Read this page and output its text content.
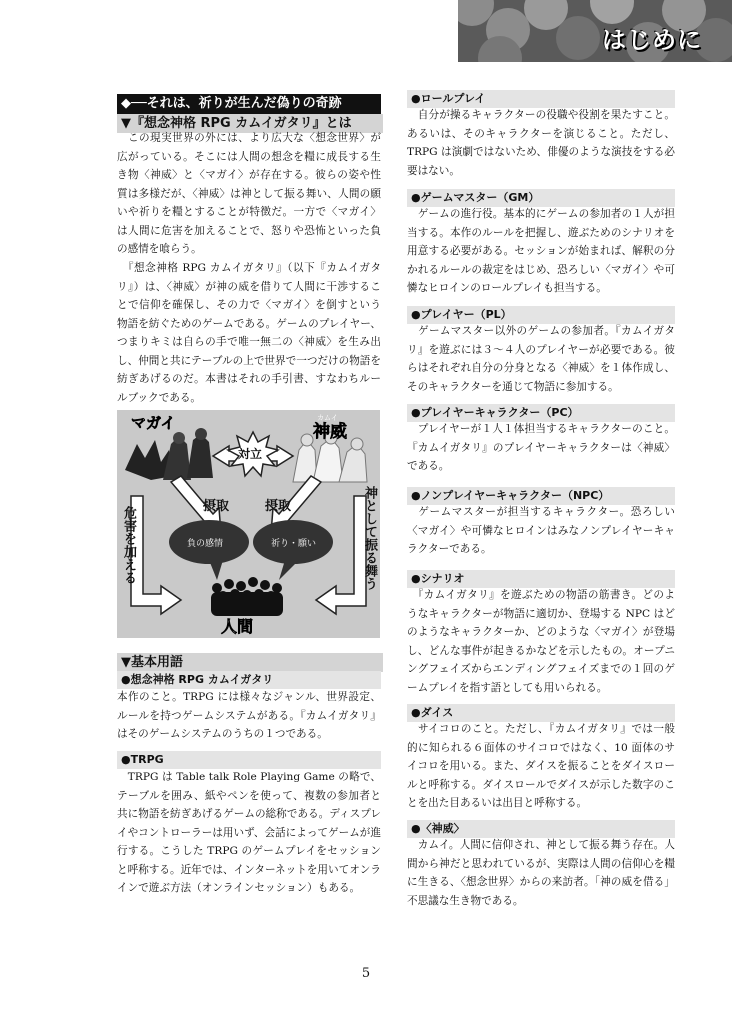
はじめに
◆──それは、祈りが生んだ偽りの奇跡
▼『想念神格 RPG カムイガタリ』とは

　この現実世界の外には、より広大な〈想念世界〉が広がっている。そこには人間の想念を糧に成長する生き物〈神威〉と〈マガイ〉が存在する。彼らの姿や性質は多様だが、〈神威〉は神として振る舞い、人間の願いや祈りを糧とすることが特徴だ。一方で〈マガイ〉は人間に危害を加えることで、怒りや恐怖といった負の感情を喰らう。

　『想念神格 RPG カムイガタリ』（以下『カムイガタリ』）は、〈神威〉が神の威を借りて人間に干渉することで信仰を確保し、その力で〈マガイ〉を倒すという物語を紡ぐためのゲームである。ゲームのプレイヤー、つまりキミは自らの手で唯一無二の〈神威〉を生み出し、仲間と共にテーブルの上で世界で一つだけの物語を紡ぎあげるのだ。本書はそれの手引書、すなわちルールブックである。

マガイ	カムイ
神威
対立
摂取	摂取
負の感情	祈り・願い
人間
危害を加える	神として振る舞う
▼基本用語
●想念神格 RPG カムイガタリ

本作のこと。TRPG には様々なジャンル、世界設定、ルールを持つゲームシステムがある。『カムイガタリ』はそのゲームシステムのうちの１つである。

●TRPG

　TRPG は Table talk Role Playing Game の略で、テーブルを囲み、紙やペンを使って、複数の参加者と共に物語を紡ぎあげるゲームの総称である。ディスプレイやコントローラーは用いず、会話によってゲームが進行する。こうした TRPG のゲームプレイをセッションと呼称する。近年では、インターネットを用いてオンラインで遊ぶ方法（オンラインセッション）もある。

●ロールプレイ

　自分が操るキャラクターの役職や役割を果たすこと。あるいは、そのキャラクターを演じること。ただし、TRPG は演劇ではないため、俳優のような演技をする必要はない。

●ゲームマスター（GM）

　ゲームの進行役。基本的にゲームの参加者の１人が担当する。本作のルールを把握し、遊ぶためのシナリオを用意する必要がある。セッションが始まれば、解釈の分かれるルールの裁定をはじめ、恐ろしい〈マガイ〉や可憐なヒロインのロールプレイも担当する。

●プレイヤー（PL）

　ゲームマスター以外のゲームの参加者。『カムイガタリ』を遊ぶには３～４人のプレイヤーが必要である。彼らはそれぞれ自分の分身となる〈神威〉を１体作成し、そのキャラクターを通じて物語に参加する。

●プレイヤーキャラクター（PC）

　プレイヤーが１人１体担当するキャラクターのこと。『カムイガタリ』のプレイヤーキャラクターは〈神威〉である。

●ノンプレイヤーキャラクター（NPC）

　ゲームマスターが担当するキャラクター。恐ろしい〈マガイ〉や可憐なヒロインはみなノンプレイヤーキャラクターである。

●シナリオ

　『カムイガタリ』を遊ぶための物語の筋書き。どのようなキャラクターが物語に適切か、登場する NPC はどのようなキャラクターか、どのような〈マガイ〉が登場し、どんな事件が起きるかなどを示したもの。オープニングフェイズからエンディングフェイズまでの１回のゲームプレイを指す語としても用いられる。

●ダイス

　サイコロのこと。ただし、『カムイガタリ』では一般的に知られる６面体のサイコロではなく、10 面体のサイコロを用いる。また、ダイスを振ることをダイスロールと呼称する。ダイスロールでダイスが示した数字のことを出た目あるいは出目と呼称する。

●〈神威〉

　カムイ。人間に信仰され、神として振る舞う存在。人間から神だと思われているが、実際は人間の信仰心を糧に生きる、〈想念世界〉からの来訪者。「神の威を借る」不思議な生き物である。

5
